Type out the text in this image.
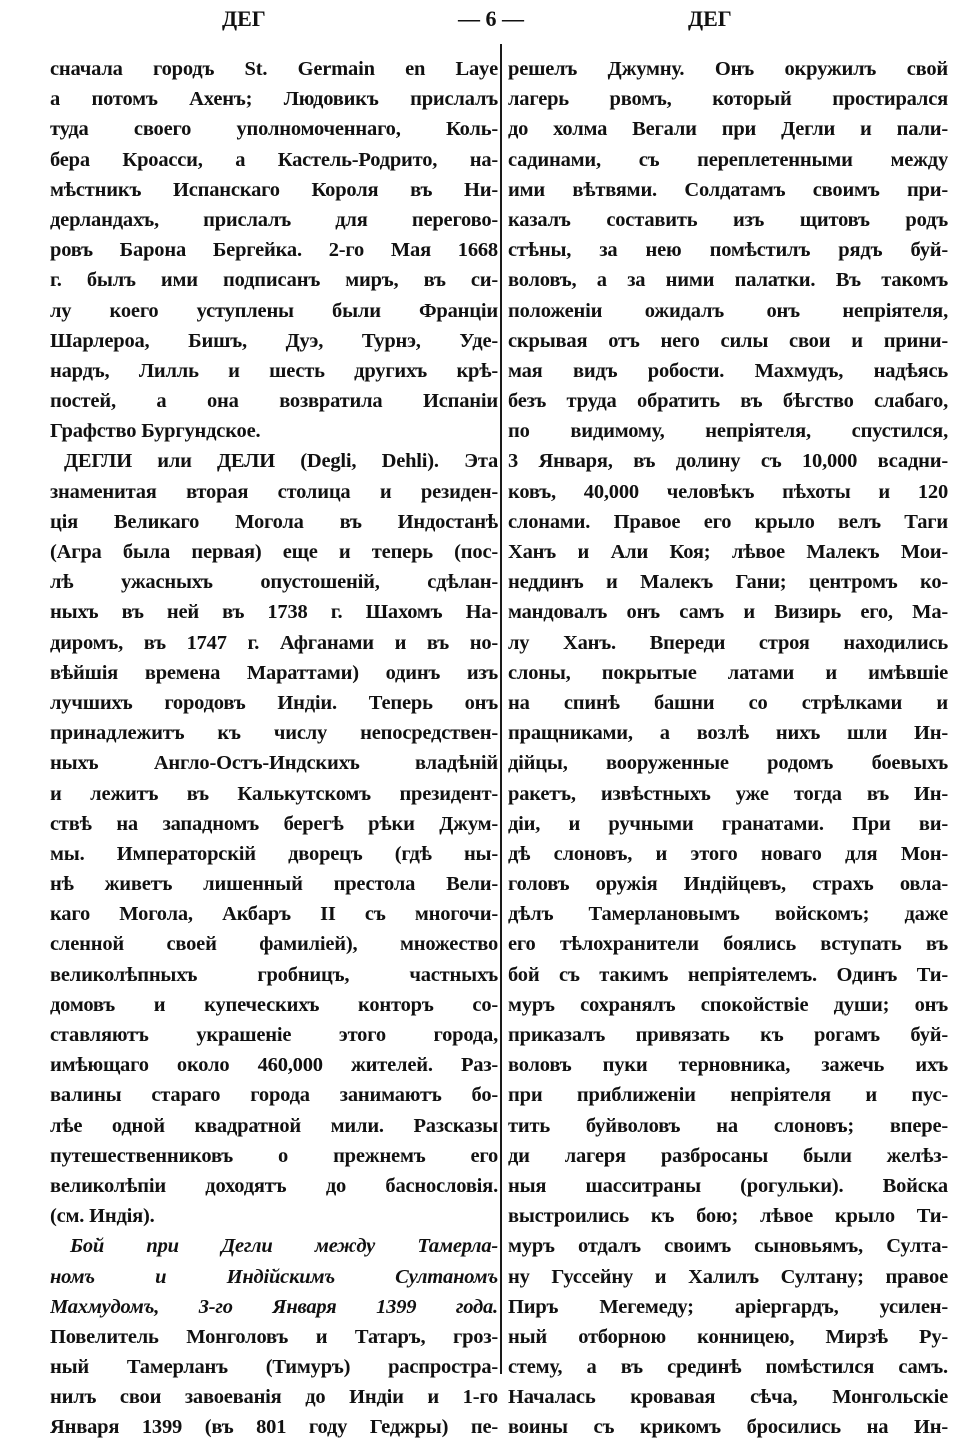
ДЕГ	— 6 —	ДЕГ
сначала городъ St. Germain en Laye
а потомъ Ахенъ; Людовикъ прислалъ
туда своего уполномоченнаго, Коль-
бера Кроасси, а Кастель-Родрито, на-
мѣстникъ Испанскаго Короля въ Ни-
дерландахъ, прислалъ для перегово-
ровъ Барона Бергейка. 2-го Мая 1668
г. былъ ими подписанъ миръ, въ си-
лу коего уступлены были Франціи
Шарлероа, Бишъ, Дуэ, Турнэ, Уде-
нардъ, Лилль и шесть другихъ крѣ-
постей, а она возвратила Испаніи
Графство Бургундское.
ДЕГЛИ или ДЕЛИ (Degli, Dehli). Эта
знаменитая вторая столица и резиден-
ція Великаго Могола въ Индостанѣ
(Агра была первая) еще и теперь (пос-
лѣ ужасныхъ опустошеній, сдѣлан-
ныхъ въ ней въ 1738 г. Шахомъ На-
диромъ, въ 1747 г. Афганами и въ но-
вѣйшія времена Мараттами) одинъ изъ
лучшихъ городовъ Индіи. Теперь онъ
принадлежитъ къ числу непосредствен-
ныхъ Англо-Остъ-Индскихъ владѣній
и лежитъ въ Калькутскомъ президент-
ствѣ на западномъ берегѣ рѣки Джум-
мы. Императорскій дворецъ (гдѣ ны-
нѣ живетъ лишенный престола Вели-
каго Могола, Акбаръ II съ многочи-
сленной своей фамиліей), множество
великолѣпныхъ гробницъ, частныхъ
домовъ и купеческихъ конторъ со-
ставляютъ украшеніе этого города,
имѣющаго около 460,000 жителей. Раз-
валины стараго города занимаютъ бо-
лѣе одной квадратной мили. Разсказы
путешественниковъ о прежнемъ его
великолѣпіи доходятъ до баснословія.
(см. Индія).
Бой при Дегли между Тамерла-
номъ и Индійскимъ Султаномъ
Махмудомъ, 3-го Января 1399 года.
Повелитель Монголовъ и Татаръ, гроз-
ный Тамерланъ (Тимуръ) распростра-
нилъ свои завоеванія до Индіи и 1-го
Января 1399 (въ 801 году Геджры) пе-
решелъ Джумну. Онъ окружилъ свой
лагерь рвомъ, который простирался
до холма Вегали при Дегли и пали-
садинами, съ переплетенными между
ими вѣтвями. Солдатамъ своимъ при-
казалъ составить изъ щитовъ родъ
стѣны, за нею помѣстилъ рядъ буй-
воловъ, а за ними палатки. Въ такомъ
положеніи ожидалъ онъ непріятеля,
скрывая отъ него силы свои и прини-
мая видъ робости. Махмудъ, надѣясь
безъ труда обратить въ бѣгство слабаго,
по видимому, непріятеля, спустился,
3 Января, въ долину съ 10,000 всадни-
ковъ, 40,000 человѣкъ пѣхоты и 120
слонами. Правое его крыло велъ Таги
Ханъ и Али Коя; лѣвое Малекъ Мои-
неддинъ и Малекъ Гани; центромъ ко-
мандовалъ онъ самъ и Визирь его, Ма-
лу Ханъ. Впереди строя находились
слоны, покрытые латами и имѣвшіе
на спинѣ башни со стрѣлками и
пращниками, а возлѣ нихъ шли Ин-
дійцы, вооруженные родомъ боевыхъ
ракетъ, извѣстныхъ уже тогда въ Ин-
діи, и ручными гранатами. При ви-
дѣ слоновъ, и этого новаго для Мон-
головъ оружія Индійцевъ, страхъ овла-
дѣлъ Тамерлановымъ войскомъ; даже
его тѣлохранители боялись вступать въ
бой съ такимъ непріятелемъ. Одинъ Ти-
муръ сохранялъ спокойствіе души; онъ
приказалъ привязать къ рогамъ буй-
воловъ пуки терновника, зажечь ихъ
при приближеніи непріятеля и пус-
тить буйволовъ на слоновъ; впере-
ди лагеря разбросаны были желѣз-
ныя шасситраны (рогульки). Войска
выстроились къ бою; лѣвое крыло Ти-
муръ отдалъ своимъ сыновьямъ, Султа-
ну Гуссейну и Халилъ Султану; правое
Пиръ Мегемеду; аріергардъ, усилен-
ный отборною конницею, Мирзѣ Ру-
стему, а въ срединѣ помѣстился самъ.
Началась кровавая сѣча, Монгольскіе
воины съ крикомъ бросились на Ин-
